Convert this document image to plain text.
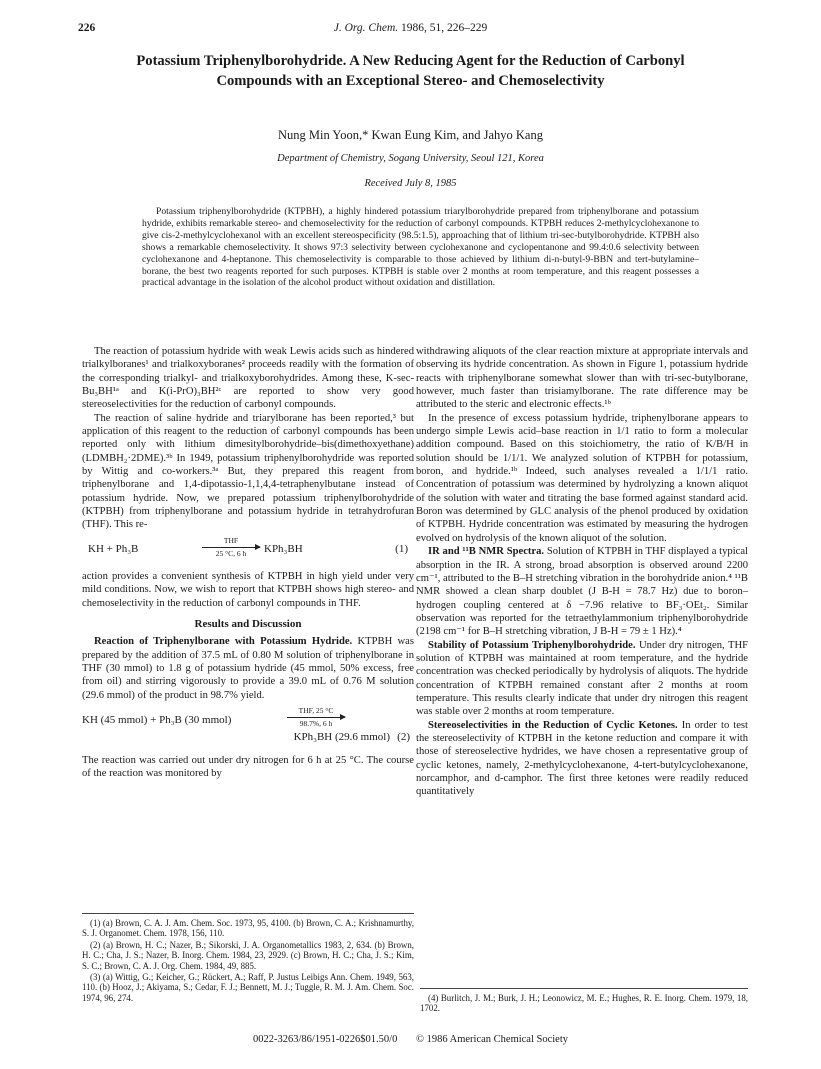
226	J. Org. Chem. 1986, 51, 226–229
Potassium Triphenylborohydride. A New Reducing Agent for the Reduction of Carbonyl Compounds with an Exceptional Stereo- and Chemoselectivity
Nung Min Yoon,* Kwan Eung Kim, and Jahyo Kang
Department of Chemistry, Sogang University, Seoul 121, Korea
Received July 8, 1985
Potassium triphenylborohydride (KTPBH), a highly hindered potassium triarylborohydride prepared from triphenylborane and potassium hydride, exhibits remarkable stereo- and chemoselectivity for the reduction of carbonyl compounds. KTPBH reduces 2-methylcyclohexanone to give cis-2-methylcyclohexanol with an excellent stereospecificity (98.5:1.5), approaching that of lithium tri-sec-butylborohydride. KTPBH also shows a remarkable chemoselectivity. It shows 97:3 selectivity between cyclohexanone and cyclopentanone and 99.4:0.6 selectivity between cyclohexanone and 4-heptanone. This chemoselectivity is comparable to those achieved by lithium di-n-butyl-9-BBN and tert-butylamine–borane, the best two reagents reported for such purposes. KTPBH is stable over 2 months at room temperature, and this reagent possesses a practical advantage in the isolation of the alcohol product without oxidation and distillation.

The reaction of potassium hydride with weak Lewis acids such as hindered trialkylboranes¹ and trialkoxyboranes² proceeds readily with the formation of the corresponding trialkyl- and trialkoxyborohydrides. Among these, K-sec-Bu₃BH¹ᵃ and K(i-PrO)₃BH²ᶜ are reported to show very good stereoselectivities for the reduction of carbonyl compounds.

The reaction of saline hydride and triarylborane has been reported,³ but application of this reagent to the reduction of carbonyl compounds has been reported only with lithium dimesitylborohydride–bis(dimethoxyethane) (LDMBH₂·2DME).³ᵇ In 1949, potassium triphenylborohydride was reported by Wittig and co-workers.³ᵃ But, they prepared this reagent from triphenylborane and 1,4-dipotassio-1,1,4,4-tetraphenylbutane instead of potassium hydride. Now, we prepared potassium triphenylborohydride (KTPBH) from triphenylborane and potassium hydride in tetrahydrofuran (THF). This re-

KH + Ph₃B
THF
25 °C, 6 h	KPh₃BH	(1)

action provides a convenient synthesis of KTPBH in high yield under very mild conditions. Now, we wish to report that KTPBH shows high stereo- and chemoselectivity in the reduction of carbonyl compounds in THF.

Results and Discussion

Reaction of Triphenylborane with Potassium Hydride. KTPBH was prepared by the addition of 37.5 mL of 0.80 M solution of triphenylborane in THF (30 mmol) to 1.8 g of potassium hydride (45 mmol, 50% excess, free from oil) and stirring vigorously to provide a 39.0 mL of 0.76 M solution (29.6 mmol) of the product in 98.7% yield.

KH (45 mmol) + Ph₃B (30 mmol)
THF, 25 °C
98.7%, 6 h
KPh₃BH (29.6 mmol) (2)

The reaction was carried out under dry nitrogen for 6 h at 25 °C. The course of the reaction was monitored by

withdrawing aliquots of the clear reaction mixture at appropriate intervals and observing its hydride concentration. As shown in Figure 1, potassium hydride reacts with triphenylborane somewhat slower than with tri-sec-butylborane, however, much faster than trisiamylborane. The rate difference may be attributed to the steric and electronic effects.¹ᵇ

In the presence of excess potassium hydride, triphenylborane appears to undergo simple Lewis acid–base reaction in 1/1 ratio to form a molecular addition compound. Based on this stoichiometry, the ratio of K/B/H in solution should be 1/1/1. We analyzed solution of KTPBH for potassium, boron, and hydride.¹ᵇ Indeed, such analyses revealed a 1/1/1 ratio. Concentration of potassium was determined by hydrolyzing a known aliquot of the solution with water and titrating the base formed against standard acid. Boron was determined by GLC analysis of the phenol produced by oxidation of KTPBH. Hydride concentration was estimated by measuring the hydrogen evolved on hydrolysis of the known aliquot of the solution.

IR and ¹¹B NMR Spectra. Solution of KTPBH in THF displayed a typical absorption in the IR. A strong, broad absorption is observed around 2200 cm⁻¹, attributed to the B–H stretching vibration in the borohydride anion.⁴ ¹¹B NMR showed a clean sharp doublet (J B-H = 78.7 Hz) due to boron–hydrogen coupling centered at δ −7.96 relative to BF₃·OEt₂. Similar observation was reported for the tetraethylammonium triphenylborohydride (2198 cm⁻¹ for B–H stretching vibration, J B-H = 79 ± 1 Hz).⁴

Stability of Potassium Triphenylborohydride. Under dry nitrogen, THF solution of KTPBH was maintained at room temperature, and the hydride concentration was checked periodically by hydrolysis of aliquots. The hydride concentration of KTPBH remained constant after 2 months at room temperature. This results clearly indicate that under dry nitrogen this reagent was stable over 2 months at room temperature.

Stereoselectivities in the Reduction of Cyclic Ketones. In order to test the stereoselectivity of KTPBH in the ketone reduction and compare it with those of stereoselective hydrides, we have chosen a representative group of cyclic ketones, namely, 2-methylcyclohexanone, 4-tert-butylcyclohexanone, norcamphor, and d-camphor. The first three ketones were readily reduced quantitatively

(1) (a) Brown, C. A. J. Am. Chem. Soc. 1973, 95, 4100. (b) Brown, C. A.; Krishnamurthy, S. J. Organomet. Chem. 1978, 156, 110.

(2) (a) Brown, H. C.; Nazer, B.; Sikorski, J. A. Organometallics 1983, 2, 634. (b) Brown, H. C.; Cha, J. S.; Nazer, B. Inorg. Chem. 1984, 23, 2929. (c) Brown, H. C.; Cha, J. S.; Kim, S. C.; Brown, C. A. J. Org. Chem. 1984, 49, 885.

(3) (a) Wittig, G.; Keicher, G.; Rückert, A.; Raff, P. Justus Leibigs Ann. Chem. 1949, 563, 110. (b) Hooz, J.; Akiyama, S.; Cedar, F. J.; Bennett, M. J.; Tuggle, R. M. J. Am. Chem. Soc. 1974, 96, 274.	(4) Burlitch, J. M.; Burk, J. H.; Leonowicz, M. E.; Hughes, R. E. Inorg. Chem. 1979, 18, 1702.

0022-3263/86/1951-0226$01.50/0 © 1986 American Chemical Society
